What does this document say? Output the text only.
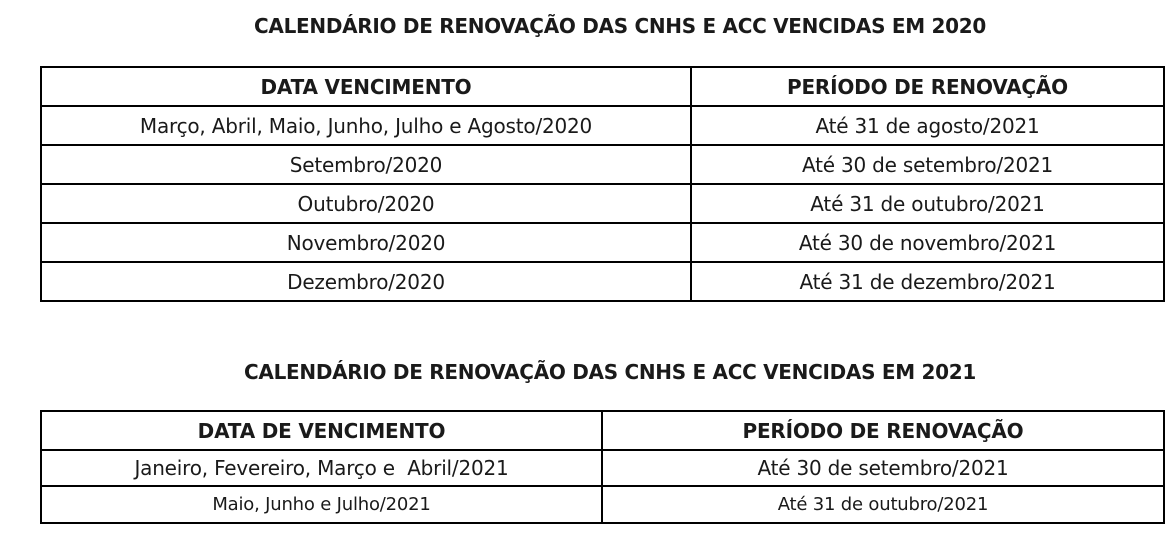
CALENDÁRIO DE RENOVAÇÃO DAS CNHS E ACC VENCIDAS EM 2020
DATA VENCIMENTO	PERÍODO DE RENOVAÇÃO
Março, Abril, Maio, Junho, Julho e Agosto/2020	Até 31 de agosto/2021
Setembro/2020	Até 30 de setembro/2021
Outubro/2020	Até 31 de outubro/2021
Novembro/2020	Até 30 de novembro/2021
Dezembro/2020	Até 31 de dezembro/2021
CALENDÁRIO DE RENOVAÇÃO DAS CNHS E ACC VENCIDAS EM 2021
DATA DE VENCIMENTO	PERÍODO DE RENOVAÇÃO
Janeiro, Fevereiro, Março e  Abril/2021	Até 30 de setembro/2021
Maio, Junho e Julho/2021	Até 31 de outubro/2021
